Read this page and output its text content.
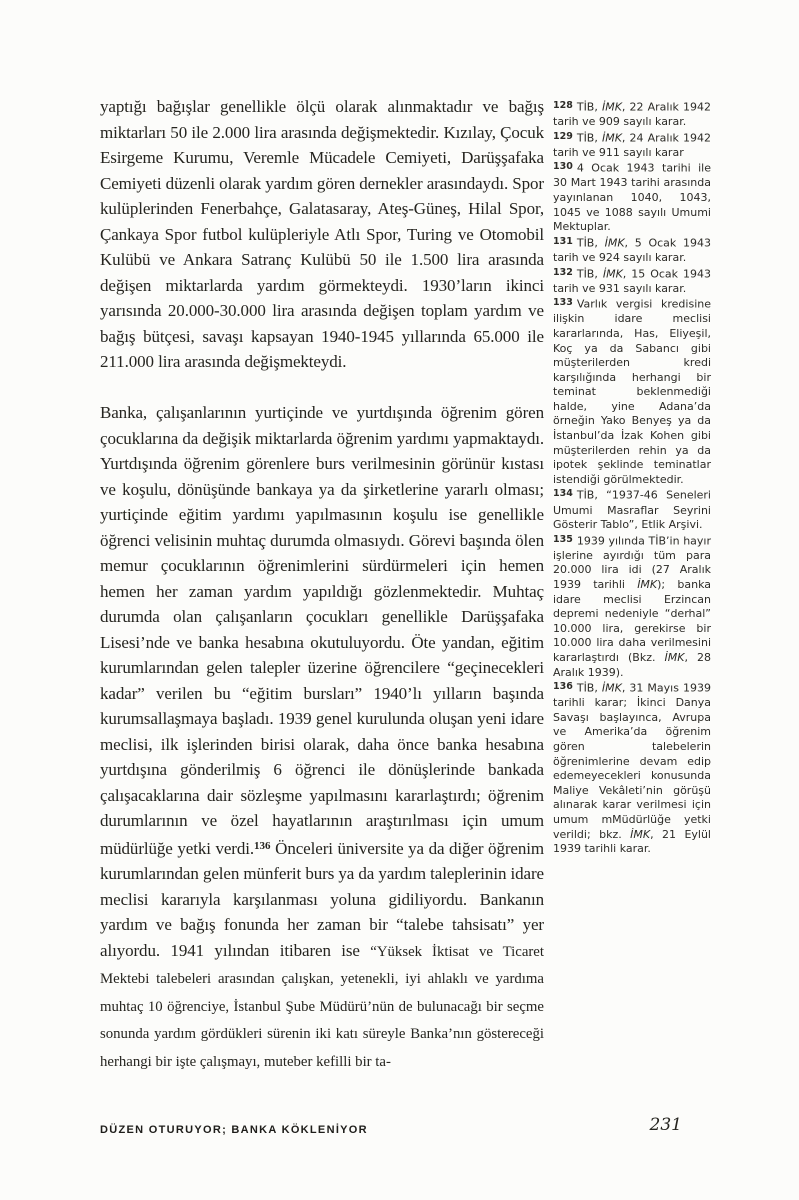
yaptığı bağışlar genellikle ölçü olarak alınmaktadır ve bağış miktarları 50 ile 2.000 lira arasında değişmektedir. Kızılay, Çocuk Esirgeme Kurumu, Veremle Mücadele Cemiyeti, Darüşşafaka Cemiyeti düzenli olarak yardım gören dernekler arasındaydı. Spor kulüplerinden Fenerbahçe, Galatasaray, Ateş-Güneş, Hilal Spor, Çankaya Spor futbol kulüpleriyle Atlı Spor, Turing ve Otomobil Kulübü ve Ankara Satranç Kulübü 50 ile 1.500 lira arasında değişen miktarlarda yardım görmekteydi. 1930’ların ikinci yarısında 20.000-30.000 lira arasında değişen toplam yardım ve bağış bütçesi, savaşı kapsayan 1940-1945 yıllarında 65.000 ile 211.000 lira arasında değişmekteydi.

Banka, çalışanlarının yurtiçinde ve yurtdışında öğrenim gören çocuklarına da değişik miktarlarda öğrenim yardımı yapmaktaydı. Yurtdışında öğrenim görenlere burs verilmesinin görünür kıstası ve koşulu, dönüşünde bankaya ya da şirketlerine yararlı olması; yurtiçinde eğitim yardımı yapılmasının koşulu ise genellikle öğrenci velisinin muhtaç durumda olmasıydı. Görevi başında ölen memur çocuklarının öğrenimlerini sürdürmeleri için hemen hemen her zaman yardım yapıldığı gözlenmektedir. Muhtaç durumda olan çalışanların çocukları genellikle Darüşşafaka Lisesi’nde ve banka hesabına okutuluyordu. Öte yandan, eğitim kurumlarından gelen talepler üzerine öğrencilere “geçinecekleri kadar” verilen bu “eğitim bursları” 1940’lı yılların başında kurumsallaşmaya başladı. 1939 genel kurulunda oluşan yeni idare meclisi, ilk işlerinden birisi olarak, daha önce banka hesabına yurtdışına gönderilmiş 6 öğrenci ile dönüşlerinde bankada çalışacaklarına dair sözleşme yapılmasını kararlaştırdı; öğrenim durumlarının ve özel hayatlarının araştırılması için umum müdürlüğe yetki verdi.$^{136}$ Önceleri üniversite ya da diğer öğrenim kurumlarından gelen münferit burs ya da yardım taleplerinin idare meclisi kararıyla karşılanması yoluna gidiliyordu. Bankanın yardım ve bağış fonunda her zaman bir “talebe tahsisatı” yer alıyordu. 1941 yılından itibaren ise “Yüksek İktisat ve Ticaret Mektebi talebeleri arasından çalışkan, yetenekli, iyi ahlaklı ve yardıma muhtaç 10 öğrenciye, İstanbul Şube Müdürü’nün de bulunacağı bir seçme sonunda yardım gördükleri sürenin iki katı süreyle Banka’nın göstereceği herhangi bir işte çalışmayı, muteber kefilli bir ta-

128 TİB, İMK, 22 Aralık 1942 tarih ve 909 sayılı karar.
129 TİB, İMK, 24 Aralık 1942 tarih ve 911 sayılı karar
130 4 Ocak 1943 tarihi ile 30 Mart 1943 tarihi arasında yayınlanan 1040, 1043, 1045 ve 1088 sayılı Umumi Mektuplar.
131 TİB, İMK, 5 Ocak 1943 tarih ve 924 sayılı karar.
132 TİB, İMK, 15 Ocak 1943 tarih ve 931 sayılı karar.
133 Varlık vergisi kredisine ilişkin idare meclisi kararlarında, Has, Eliyeşil, Koç ya da Sabancı gibi müşterilerden kredi karşılığında herhangi bir teminat beklenmediği halde, yine Adana’da örneğin Yako Benyeş ya da İstanbul’da İzak Kohen gibi müşterilerden rehin ya da ipotek şeklinde teminatlar istendiği görülmektedir.
134 TİB, “1937-46 Seneleri Umumi Masraflar Seyrini Gösterir Tablo”, Etlik Arşivi.
135 1939 yılında TİB’in hayır işlerine ayırdığı tüm para 20.000 lira idi (27 Aralık 1939 tarihli İMK); banka idare meclisi Erzincan depremi nedeniyle “derhal” 10.000 lira, gerekirse bir 10.000 lira daha verilmesini kararlaştırdı (Bkz. İMK, 28 Aralık 1939).
136 TİB, İMK, 31 Mayıs 1939 tarihli karar; İkinci Danya Savaşı başlayınca, Avrupa ve Amerika’da öğrenim gören talebelerin öğrenimlerine devam edip edemeyecekleri konusunda Maliye Vekâleti’nin görüşü alınarak karar verilmesi için umum mMüdürlüğe yetki verildi; bkz. İMK, 21 Eylül 1939 tarihli karar.
DÜZEN OTURUYOR; BANKA KÖKLENİYOR	231
